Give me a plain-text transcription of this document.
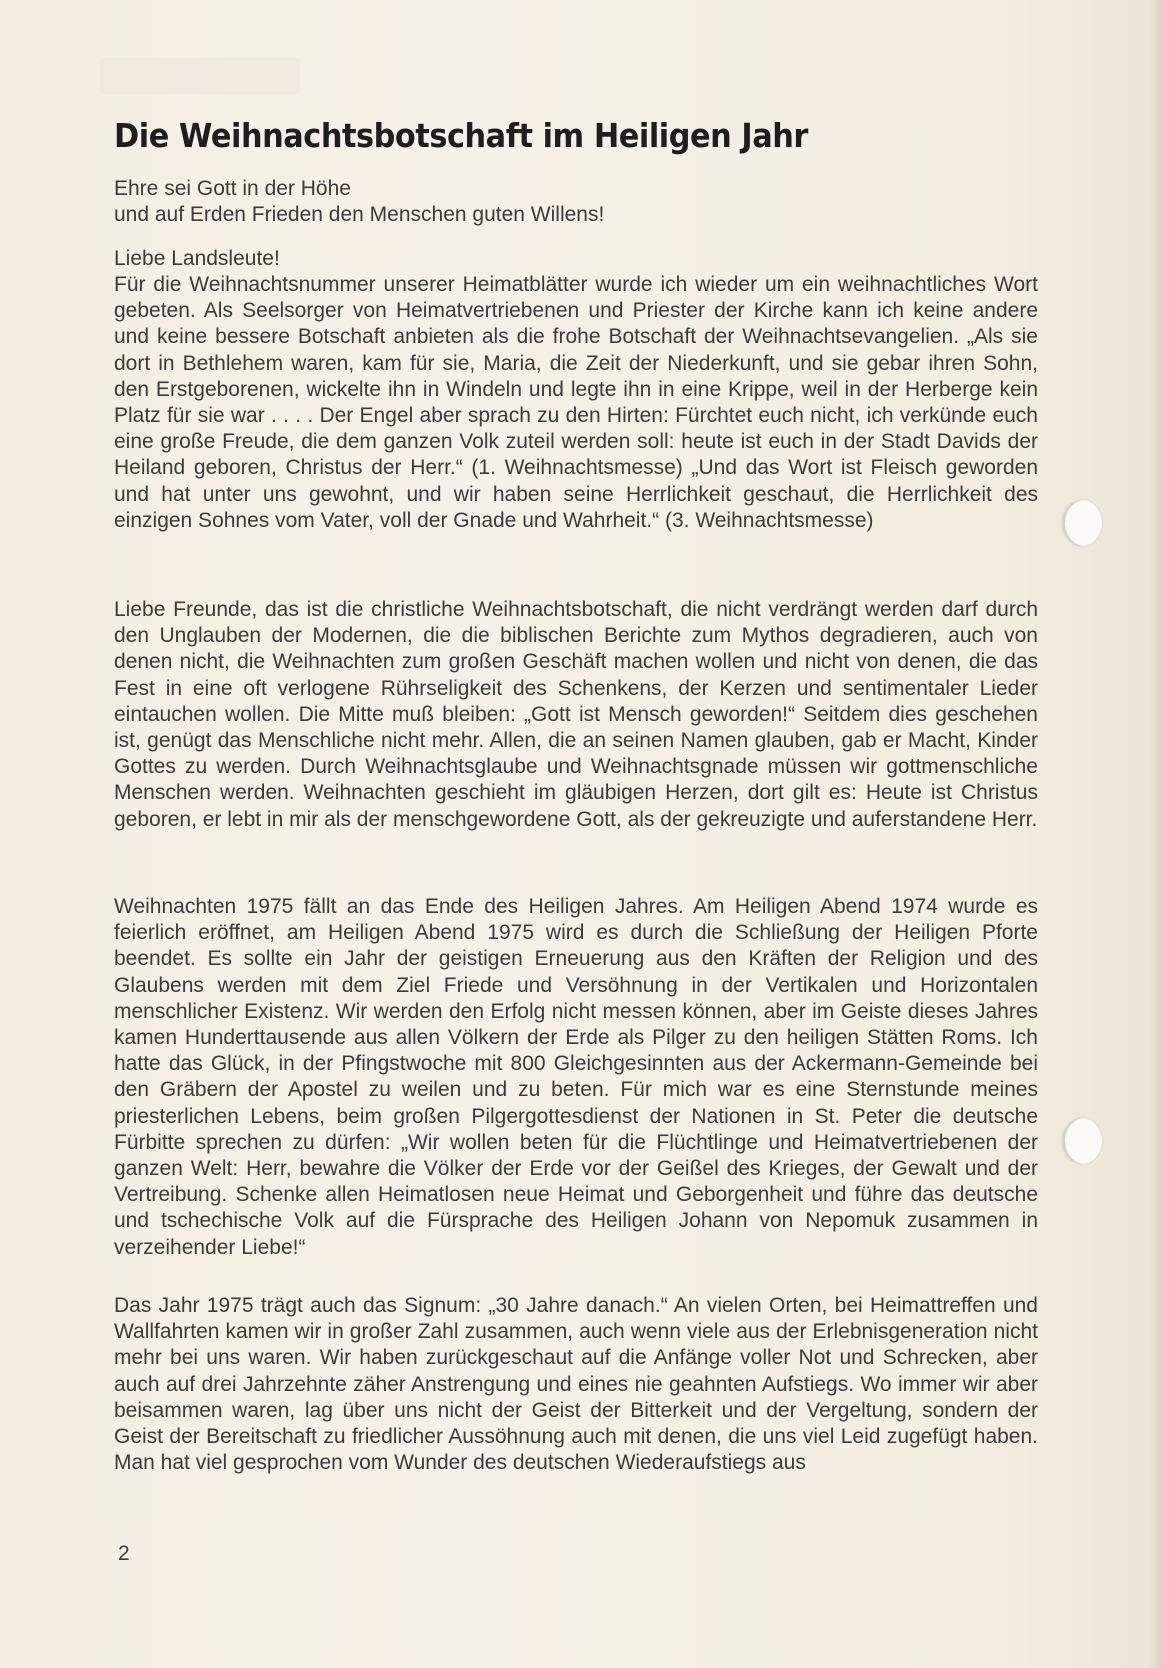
Die Weihnachtsbotschaft im Heiligen Jahr
Ehre sei Gott in der Höhe
und auf Erden Frieden den Menschen guten Willens!

Liebe Landsleute!

Für die Weihnachtsnummer unserer Heimatblätter wurde ich wieder um ein weihnachtliches Wort gebeten. Als Seelsorger von Heimatvertriebenen und Priester der Kirche kann ich keine andere und keine bessere Botschaft anbieten als die frohe Botschaft der Weihnachtsevangelien. „Als sie dort in Bethlehem waren, kam für sie, Maria, die Zeit der Niederkunft, und sie gebar ihren Sohn, den Erstgeborenen, wickelte ihn in Windeln und legte ihn in eine Krippe, weil in der Herberge kein Platz für sie war . . . . Der Engel aber sprach zu den Hirten: Fürchtet euch nicht, ich verkünde euch eine große Freude, die dem ganzen Volk zuteil werden soll: heute ist euch in der Stadt Davids der Heiland geboren, Christus der Herr.“ (1. Weihnachtsmesse) „Und das Wort ist Fleisch geworden und hat unter uns gewohnt, und wir haben seine Herrlichkeit geschaut, die Herrlichkeit des einzigen Sohnes vom Vater, voll der Gnade und Wahrheit.“ (3. Weihnachtsmesse)

Liebe Freunde, das ist die christliche Weihnachtsbotschaft, die nicht verdrängt werden darf durch den Unglauben der Modernen, die die biblischen Berichte zum Mythos degradieren, auch von denen nicht, die Weihnachten zum großen Geschäft machen wollen und nicht von denen, die das Fest in eine oft verlogene Rührseligkeit des Schenkens, der Kerzen und sentimentaler Lieder eintauchen wollen. Die Mitte muß bleiben: „Gott ist Mensch geworden!“ Seitdem dies geschehen ist, genügt das Menschliche nicht mehr. Allen, die an seinen Namen glauben, gab er Macht, Kinder Gottes zu werden. Durch Weihnachtsglaube und Weihnachtsgnade müssen wir gottmenschliche Menschen werden. Weihnachten geschieht im gläubigen Herzen, dort gilt es: Heute ist Christus geboren, er lebt in mir als der menschgewordene Gott, als der gekreuzigte und auferstandene Herr.

Weihnachten 1975 fällt an das Ende des Heiligen Jahres. Am Heiligen Abend 1974 wurde es feierlich eröffnet, am Heiligen Abend 1975 wird es durch die Schließung der Heiligen Pforte beendet. Es sollte ein Jahr der geistigen Erneuerung aus den Kräften der Religion und des Glaubens werden mit dem Ziel Friede und Versöhnung in der Vertikalen und Horizontalen menschlicher Existenz. Wir werden den Erfolg nicht messen können, aber im Geiste dieses Jahres kamen Hunderttausende aus allen Völkern der Erde als Pilger zu den heiligen Stätten Roms. Ich hatte das Glück, in der Pfingstwoche mit 800 Gleichgesinnten aus der Ackermann-Gemeinde bei den Gräbern der Apostel zu weilen und zu beten. Für mich war es eine Sternstunde meines priesterlichen Lebens, beim großen Pilgergottesdienst der Nationen in St. Peter die deutsche Fürbitte sprechen zu dürfen: „Wir wollen beten für die Flüchtlinge und Heimatvertriebenen der ganzen Welt: Herr, bewahre die Völker der Erde vor der Geißel des Krieges, der Gewalt und der Vertreibung. Schenke allen Heimatlosen neue Heimat und Geborgenheit und führe das deutsche und tschechische Volk auf die Fürsprache des Heiligen Johann von Nepomuk zusammen in verzeihender Liebe!“

Das Jahr 1975 trägt auch das Signum: „30 Jahre danach.“ An vielen Orten, bei Heimattreffen und Wallfahrten kamen wir in großer Zahl zusammen, auch wenn viele aus der Erlebnisgeneration nicht mehr bei uns waren. Wir haben zurückgeschaut auf die Anfänge voller Not und Schrecken, aber auch auf drei Jahrzehnte zäher Anstrengung und eines nie geahnten Aufstiegs. Wo immer wir aber beisammen waren, lag über uns nicht der Geist der Bitterkeit und der Vergeltung, sondern der Geist der Bereitschaft zu friedlicher Aussöhnung auch mit denen, die uns viel Leid zugefügt haben. Man hat viel gesprochen vom Wunder des deutschen Wiederaufstiegs aus

2
